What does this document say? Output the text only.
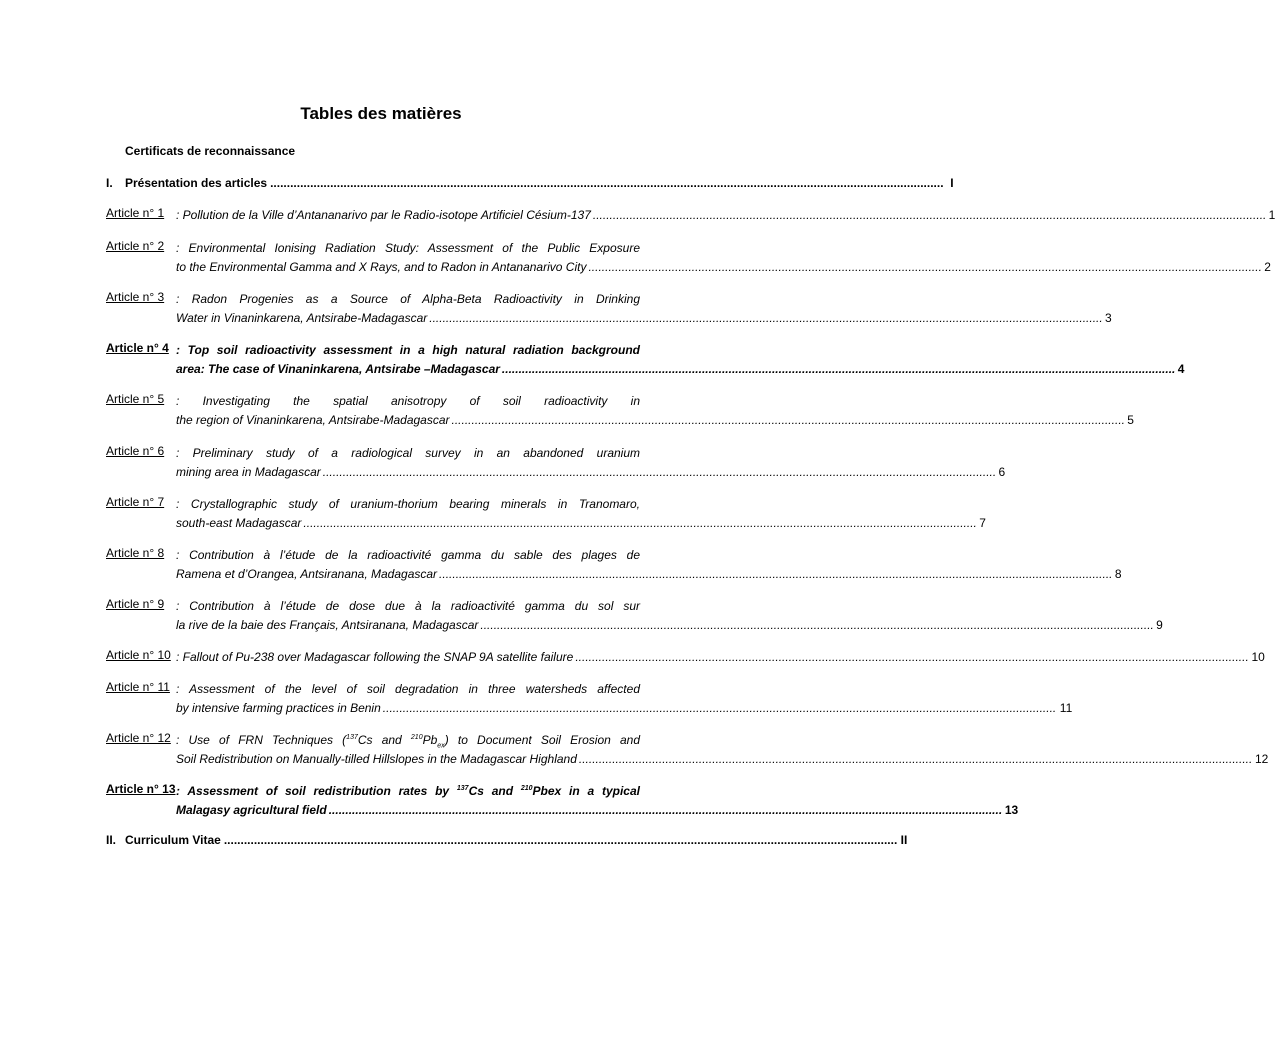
Tables des matières
Certificats de reconnaissance
I.	Présentation des articles .......................................................................................................................................................................................................... I
Article n° 1 : Pollution de la Ville d’Antananarivo par le Radio-isotope Artificiel Césium-137 .......................................................................................................................................................................................................... 1
Article n° 2 : Environmental Ionising Radiation Study: Assessment of the Public Exposure
to the Environmental Gamma and X Rays, and to Radon in Antananarivo City .......................................................................................................................................................................................................... 2
Article n° 3 : Radon Progenies as a Source of Alpha-Beta Radioactivity in Drinking
Water in Vinaninkarena, Antsirabe-Madagascar .......................................................................................................................................................................................................... 3
Article n° 4 : Top soil radioactivity assessment in a high natural radiation background
area: The case of Vinaninkarena, Antsirabe –Madagascar .......................................................................................................................................................................................................... 4
Article n° 5 : Investigating the spatial anisotropy of soil radioactivity in
the region of Vinaninkarena, Antsirabe-Madagascar .......................................................................................................................................................................................................... 5
Article n° 6 : Preliminary study of a radiological survey in an abandoned uranium
mining area in Madagascar .......................................................................................................................................................................................................... 6
Article n° 7 : Crystallographic study of uranium-thorium bearing minerals in Tranomaro,
south-east Madagascar .......................................................................................................................................................................................................... 7
Article n° 8 : Contribution à l’étude de la radioactivité gamma du sable des plages de
Ramena et d’Orangea, Antsiranana, Madagascar .......................................................................................................................................................................................................... 8
Article n° 9 : Contribution à l’étude de dose due à la radioactivité gamma du sol sur
la rive de la baie des Français, Antsiranana, Madagascar .......................................................................................................................................................................................................... 9
Article n° 10 : Fallout of Pu-238 over Madagascar following the SNAP 9A satellite failure .......................................................................................................................................................................................................... 10
Article n° 11 : Assessment of the level of soil degradation in three watersheds affected
by intensive farming practices in Benin .......................................................................................................................................................................................................... 11
Article n° 12 : Use of FRN Techniques ($^{137}$Cs and $^{210}Pb_{ex}$) to Document Soil Erosion and
Soil Redistribution on Manually-tilled Hillslopes in the Madagascar Highland .......................................................................................................................................................................................................... 12
Article n° 13 : Assessment of soil redistribution rates by $^{137}$Cs and $^{210}$Pbex in a typical
Malagasy agricultural field .......................................................................................................................................................................................................... 13
II. Curriculum Vitae .......................................................................................................................................................................................................... II
